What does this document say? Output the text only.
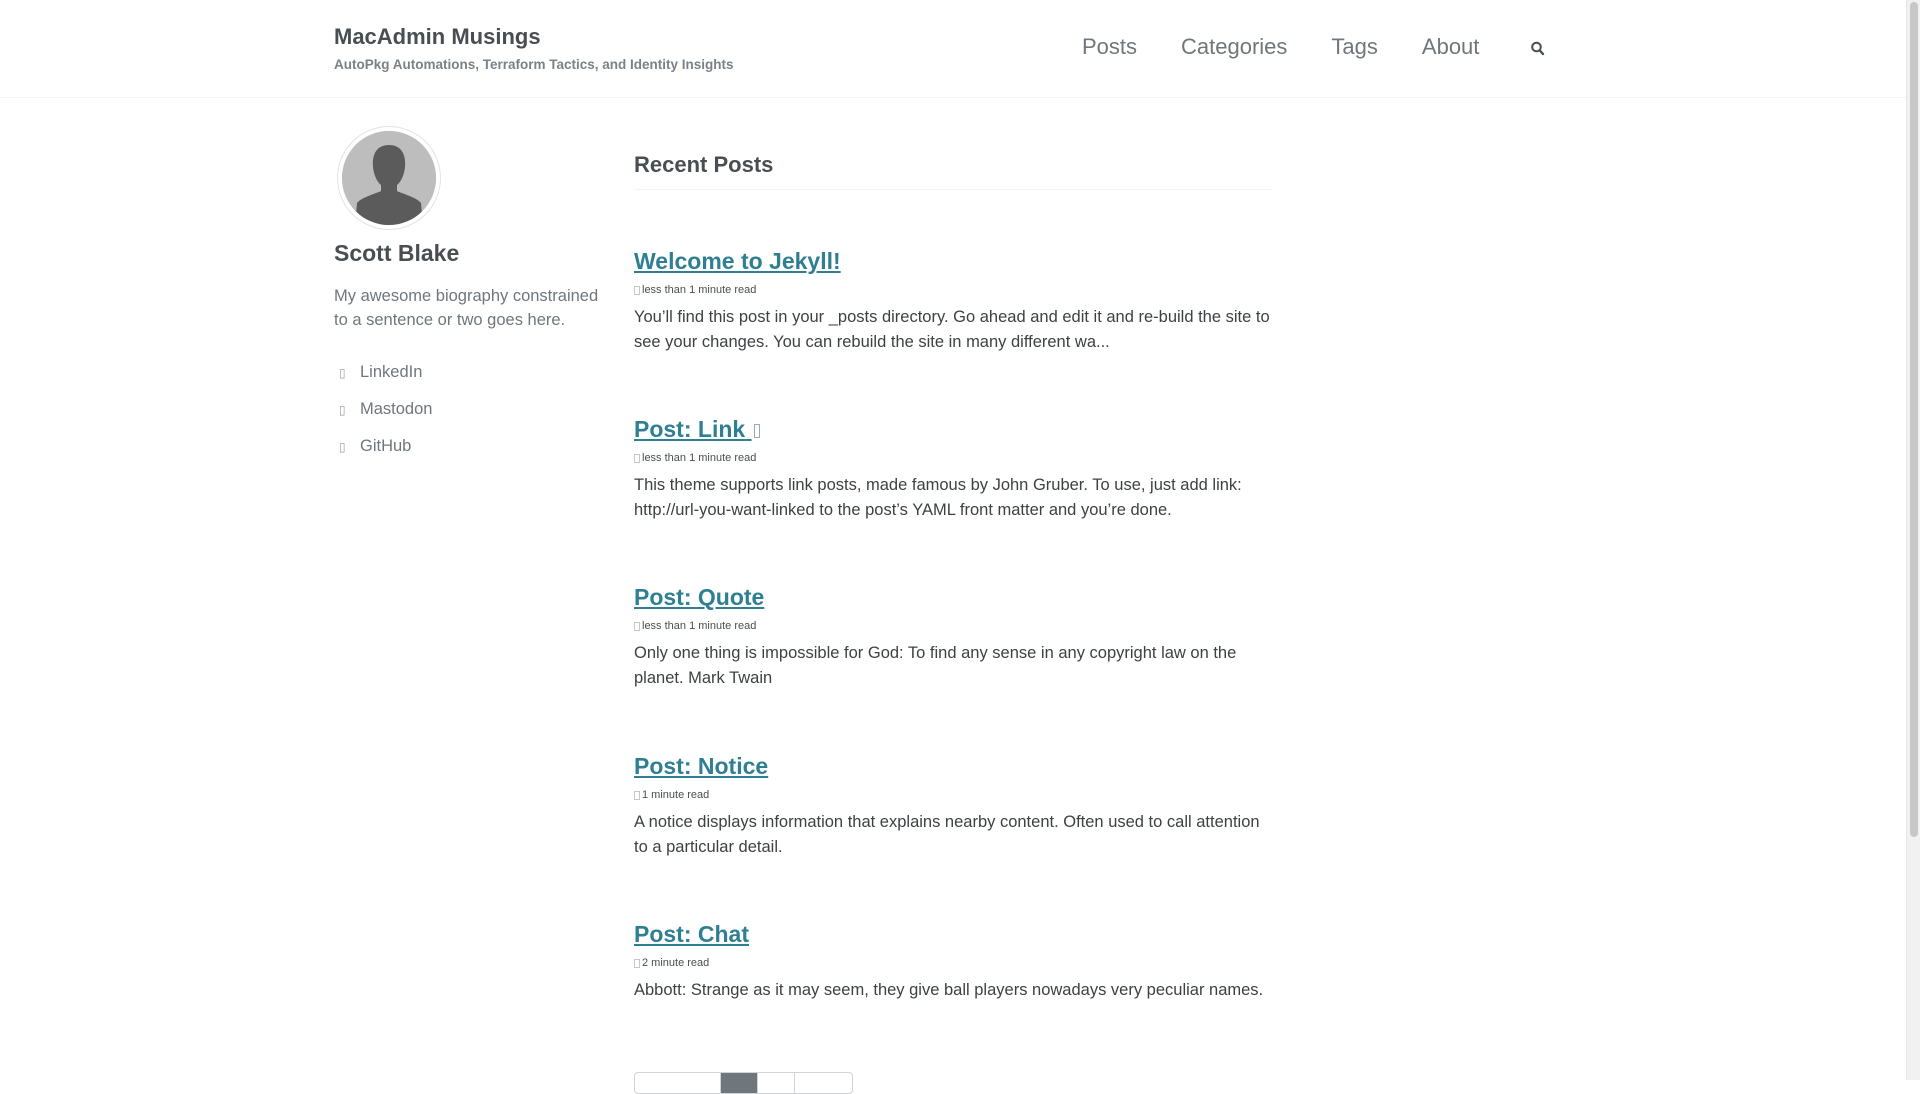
MacAdmin Musings
AutoPkg Automations, Terraform Tactics, and Identity Insights
Posts Categories Tags About
Scott Blake
My awesome biography constrained to a sentence or two goes here.
▯ LinkedIn
▯ Mastodon
▯ GitHub
Recent Posts
Welcome to Jekyll!
less than 1 minute read
You’ll find this post in your _posts directory. Go ahead and edit it and re-build the site to see your changes. You can rebuild the site in many different wa...
Post: Link
less than 1 minute read
This theme supports link posts, made famous by John Gruber. To use, just add link: http://url-you-want-linked to the post’s YAML front matter and you’re done.
Post: Quote
less than 1 minute read
Only one thing is impossible for God: To find any sense in any copyright law on the planet. Mark Twain
Post: Notice
1 minute read
A notice displays information that explains nearby content. Often used to call attention to a particular detail.
Post: Chat
2 minute read
Abbott: Strange as it may seem, they give ball players nowadays very peculiar names.
